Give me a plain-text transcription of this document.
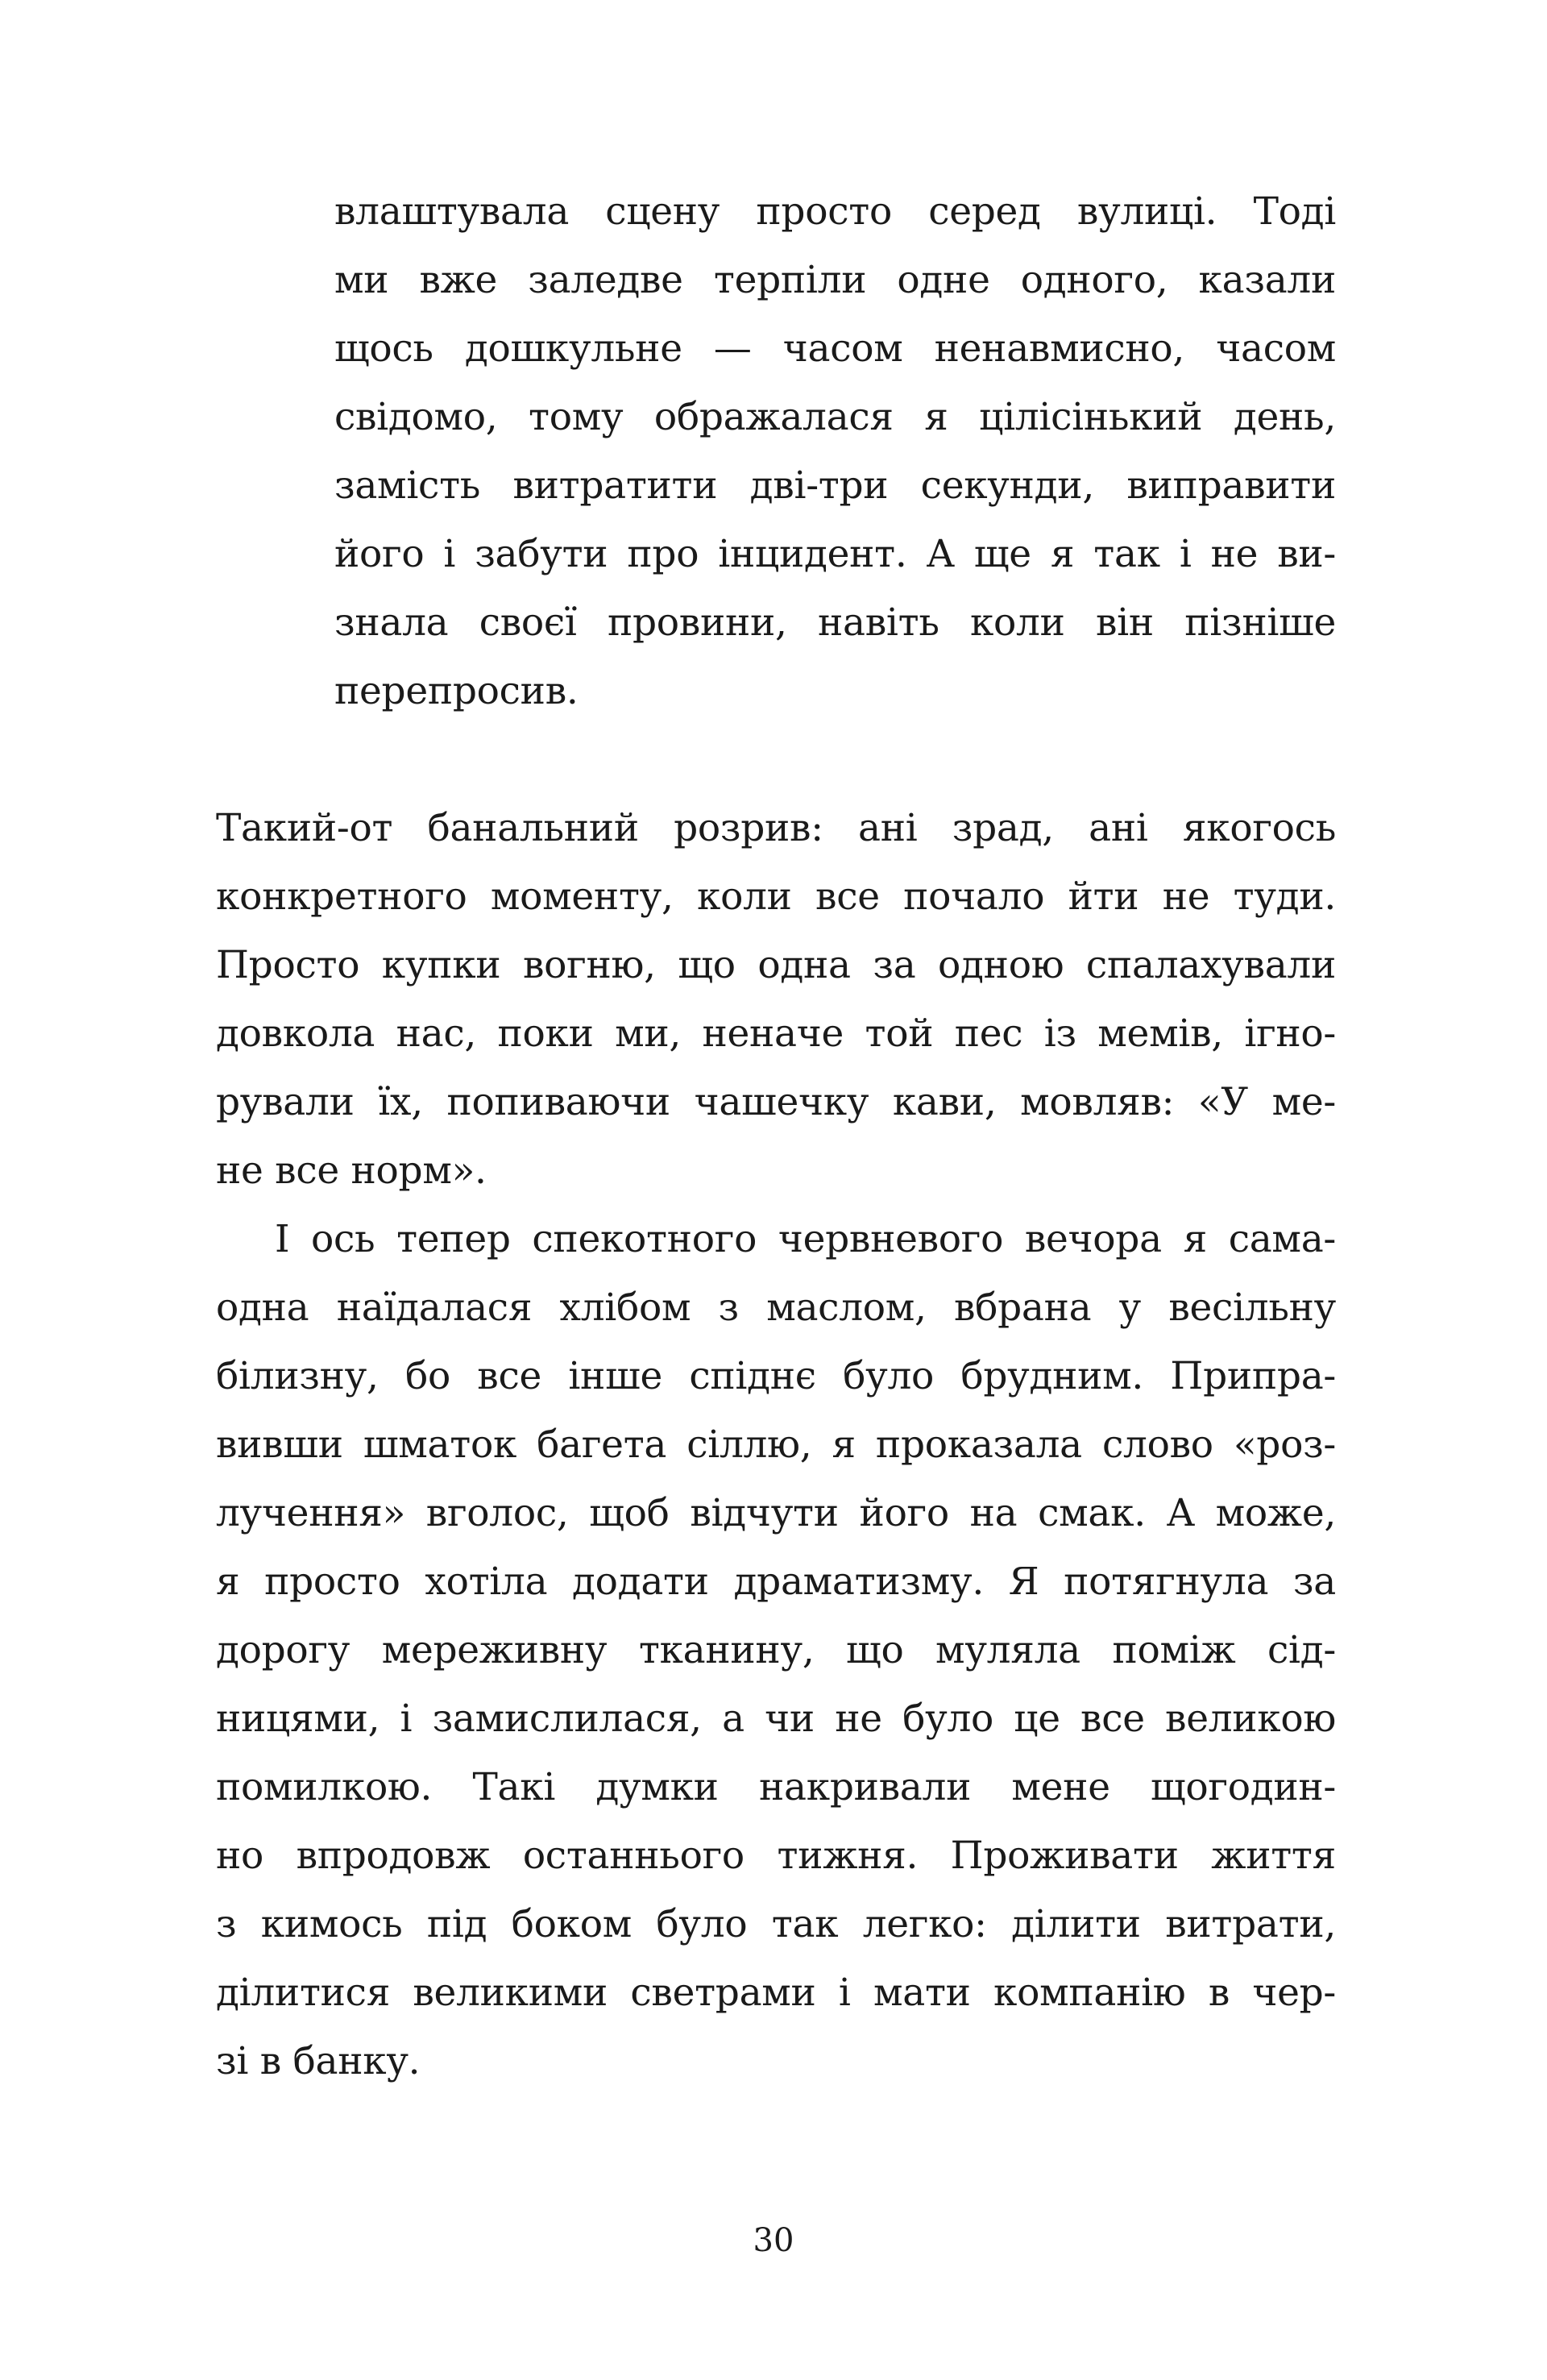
влаштувала сцену просто серед вулиці. Тоді
ми вже заледве терпіли одне одного, казали
щось дошкульне — часом ненавмисно, часом
свідомо, тому ображалася я цілісінький день,
замість витратити дві-три секунди, виправити
його і забути про інцидент. А ще я так і не ви-
знала своєї провини, навіть коли він пізніше
перепросив.
Такий-от банальний розрив: ані зрад, ані якогось
конкретного моменту, коли все почало йти не туди.
Просто купки вогню, що одна за одною спалахували
довкола нас, поки ми, неначе той пес із мемів, ігно-
рували їх, попиваючи чашечку кави, мовляв: «У ме-
не все норм».
І ось тепер спекотного червневого вечора я сама-
одна наїдалася хлібом з маслом, вбрана у весільну
білизну, бо все інше спіднє було брудним. Припра-
вивши шматок багета сіллю, я проказала слово «роз-
лучення» вголос, щоб відчути його на смак. А може,
я просто хотіла додати драматизму. Я потягнула за
дорогу мереживну тканину, що муляла поміж сід-
ницями, і замислилася, а чи не було це все великою
помилкою. Такі думки накривали мене щогодин-
но впродовж останнього тижня. Проживати життя
з кимось під боком було так легко: ділити витрати,
ділитися великими светрами і мати компанію в чер-
зі в банку.
30
